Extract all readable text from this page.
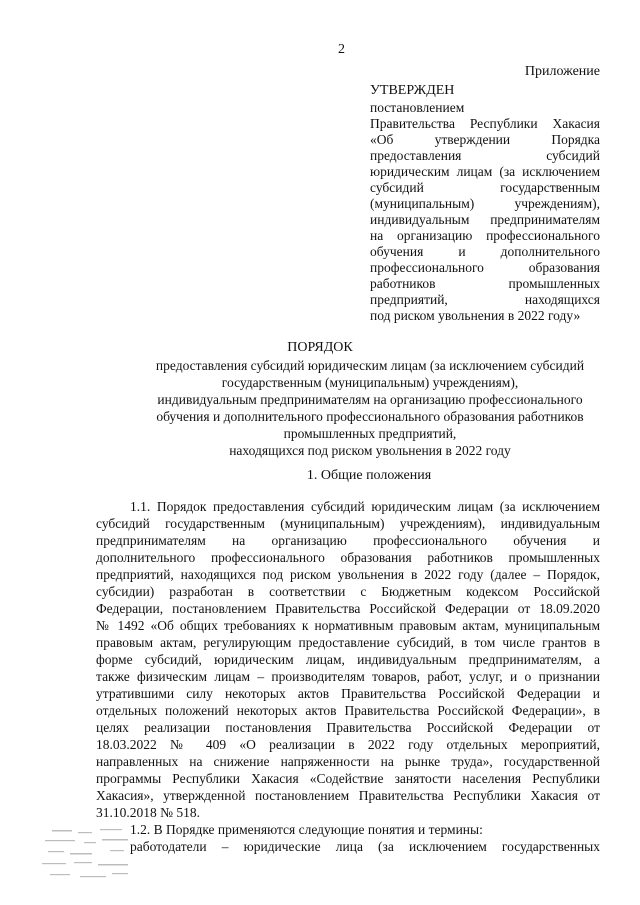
2
Приложение
УТВЕРЖДЕН
постановлением
Правительства Республики Хакасия
«Об утверждении Порядка
предоставления субсидий
юридическим лицам (за исключением
субсидий государственным
(муниципальным) учреждениям),
индивидуальным предпринимателям
на организацию профессионального
обучения и дополнительного
профессионального образования
работников промышленных
предприятий, находящихся
под риском увольнения в 2022 году»
ПОРЯДОК
предоставления субсидий юридическим лицам (за исключением субсидий
государственным (муниципальным) учреждениям),
индивидуальным предпринимателям на организацию профессионального
обучения и дополнительного профессионального образования работников
промышленных предприятий,
находящихся под риском увольнения в 2022 году
1. Общие положения
1.1. Порядок предоставления субсидий юридическим лицам (за исключением
субсидий государственным (муниципальным) учреждениям), индивидуальным
предпринимателям на организацию профессионального обучения и
дополнительного профессионального образования работников промышленных
предприятий, находящихся под риском увольнения в 2022 году (далее – Порядок,
субсидии) разработан в соответствии с Бюджетным кодексом Российской
Федерации, постановлением Правительства Российской Федерации от 18.09.2020
№ 1492 «Об общих требованиях к нормативным правовым актам, муниципальным
правовым актам, регулирующим предоставление субсидий, в том числе грантов в
форме субсидий, юридическим лицам, индивидуальным предпринимателям, а
также физическим лицам – производителям товаров, работ, услуг, и о признании
утратившими силу некоторых актов Правительства Российской Федерации и
отдельных положений некоторых актов Правительства Российской Федерации», в
целях реализации постановления Правительства Российской Федерации от
18.03.2022 № 409 «О реализации в 2022 году отдельных мероприятий,
направленных на снижение напряженности на рынке труда», государственной
программы Республики Хакасия «Содействие занятости населения Республики
Хакасия», утвержденной постановлением Правительства Республики Хакасия от
31.10.2018 № 518.
1.2. В Порядке применяются следующие понятия и термины:
работодатели – юридические лица (за исключением государственных
